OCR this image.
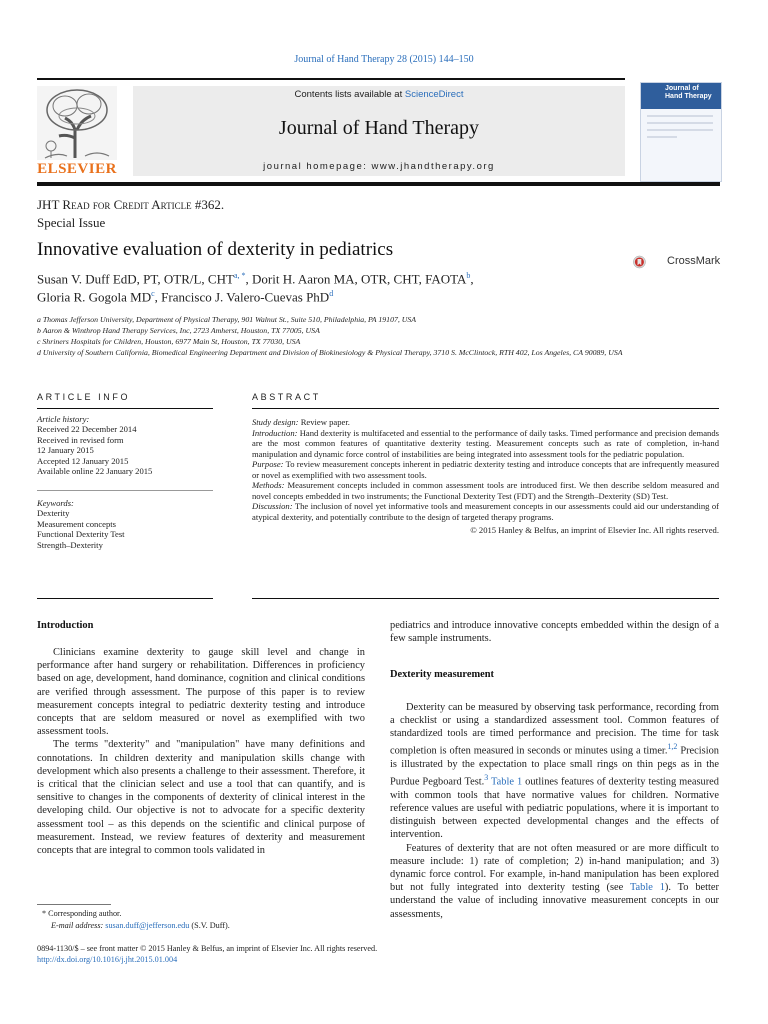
Journal of Hand Therapy 28 (2015) 144–150
ELSEVIER
Contents lists available at ScienceDirect
Journal of Hand Therapy
journal homepage: www.jhandtherapy.org
Journal of
Hand Therapy
JHT Read for Credit Article #362.
Special Issue
Innovative evaluation of dexterity in pediatrics
CrossMark
Susan V. Duff EdD, PT, OTR/L, $CHT^{a, *}$, Dorit H. Aaron MA, OTR, CHT, FAOTA$^b$,
Gloria R. Gogola $MD^c$, Francisco J. Valero-Cuevas PhD$^d$
a Thomas Jefferson University, Department of Physical Therapy, 901 Walnut St., Suite 510, Philadelphia, PA 19107, USA
b Aaron & Winthrop Hand Therapy Services, Inc, 2723 Amherst, Houston, TX 77005, USA
c Shriners Hospitals for Children, Houston, 6977 Main St, Houston, TX 77030, USA
d University of Southern California, Biomedical Engineering Department and Division of Biokinesiology & Physical Therapy, 3710 S. McClintock, RTH 402, Los Angeles, CA 90089, USA
ARTICLE INFO
Article history:
Received 22 December 2014
Received in revised form
12 January 2015
Accepted 12 January 2015
Available online 22 January 2015
Keywords:
Dexterity
Measurement concepts
Functional Dexterity Test
Strength–Dexterity
ABSTRACT
Study design: Review paper.
Introduction: Hand dexterity is multifaceted and essential to the performance of daily tasks. Timed performance and precision demands are the most common features of quantitative dexterity testing. Measurement concepts such as rate of completion, in-hand manipulation and dynamic force control of instabilities are being integrated into assessment tools for the pediatric population.
Purpose: To review measurement concepts inherent in pediatric dexterity testing and introduce concepts that are infrequently measured or novel as exemplified with two assessment tools.
Methods: Measurement concepts included in common assessment tools are introduced first. We then describe seldom measured and novel concepts embedded in two instruments; the Functional Dexterity Test (FDT) and the Strength–Dexterity (SD) Test.
Discussion: The inclusion of novel yet informative tools and measurement concepts in our assessments could aid our understanding of atypical dexterity, and potentially contribute to the design of targeted therapy programs.
© 2015 Hanley & Belfus, an imprint of Elsevier Inc. All rights reserved.
Introduction

Clinicians examine dexterity to gauge skill level and change in performance after hand surgery or rehabilitation. Differences in proficiency based on age, development, hand dominance, cognition and clinical conditions are verified through assessment. The purpose of this paper is to review measurement concepts integral to pediatric dexterity testing and introduce concepts that are seldom measured or novel as exemplified with two assessment tools.

The terms "dexterity" and "manipulation" have many definitions and connotations. In children dexterity and manipulation skills change with development which also presents a challenge to their assessment. Therefore, it is critical that the clinician select and use a tool that can quantify, and is sensitive to changes in the components of dexterity of clinical interest in the developing child. Our objective is not to advocate for a specific dexterity assessment tool – as this depends on the scientific and clinical purpose of measurement. Instead, we review features of dexterity and measurement concepts that are integral to common tools validated in

pediatrics and introduce innovative concepts embedded within the design of a few sample instruments.

Dexterity measurement

Dexterity can be measured by observing task performance, recording from a checklist or using a standardized assessment tool. Common features of standardized tools are timed performance and precision. The time for task completion is often measured in seconds or minutes using a timer.$^{1,2}$ Precision is illustrated by the expectation to place small rings on thin pegs as in the Purdue Pegboard Test.$^3$ Table 1 outlines features of dexterity testing measured with common tools that have normative values for children. Normative reference values are useful with pediatric populations, where it is important to distinguish between expected developmental changes and the effects of intervention.

Features of dexterity that are not often measured or are more difficult to measure include: 1) rate of completion; 2) in-hand manipulation; and 3) dynamic force control. For example, in-hand manipulation has been explored but not fully integrated into dexterity testing (see Table 1). To better understand the value of including innovative measurement concepts in our assessments,

* Corresponding author.
E-mail address: susan.duff@jefferson.edu (S.V. Duff).
0894-1130/$ – see front matter © 2015 Hanley & Belfus, an imprint of Elsevier Inc. All rights reserved.
http://dx.doi.org/10.1016/j.jht.2015.01.004
